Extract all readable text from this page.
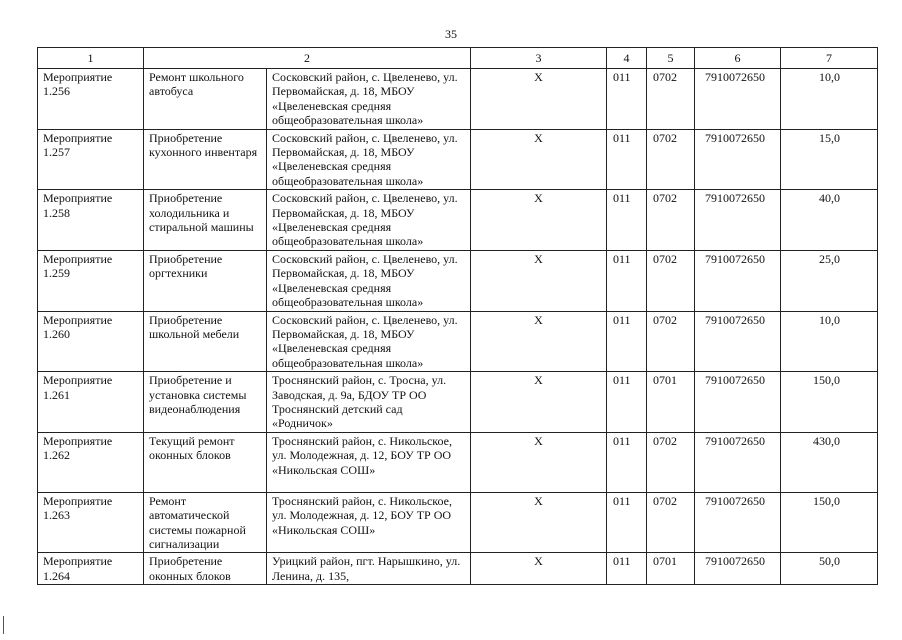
35
1	2		3	4	5	6	7
Мероприятие 1.256	Ремонт школьного автобуса	Сосковский район, с. Цвеленево, ул. Первомайская, д. 18, МБОУ «Цвеленевская средняя общеобразовательная школа»	Х	011	0702	7910072650	10,0
Мероприятие 1.257	Приобретение кухонного инвентаря	Сосковский район, с. Цвеленево, ул. Первомайская, д. 18, МБОУ «Цвеленевская средняя общеобразовательная школа»	Х	011	0702	7910072650	15,0
Мероприятие 1.258	Приобретение холодильника и стиральной машины	Сосковский район, с. Цвеленево, ул. Первомайская, д. 18, МБОУ «Цвеленевская средняя общеобразовательная школа»	Х	011	0702	7910072650	40,0
Мероприятие 1.259	Приобретение оргтехники	Сосковский район, с. Цвеленево, ул. Первомайская, д. 18, МБОУ «Цвеленевская средняя общеобразовательная школа»	Х	011	0702	7910072650	25,0
Мероприятие 1.260	Приобретение школьной мебели	Сосковский район, с. Цвеленево, ул. Первомайская, д. 18, МБОУ «Цвеленевская средняя общеобразовательная школа»	Х	011	0702	7910072650	10,0
Мероприятие 1.261	Приобретение и установка системы видеонаблюдения	Троснянский район, с. Тросна, ул. Заводская, д. 9а, БДОУ ТР ОО Троснянский детский сад «Родничок»	Х	011	0701	7910072650	150,0
Мероприятие 1.262	Текущий ремонт оконных блоков	Троснянский район, с. Никольское, ул. Молодежная, д. 12, БОУ ТР ОО «Никольская СОШ»	Х	011	0702	7910072650	430,0
Мероприятие 1.263	Ремонт автоматической системы пожарной сигнализации	Троснянский район, с. Никольское, ул. Молодежная, д. 12, БОУ ТР ОО «Никольская СОШ»	Х	011	0702	7910072650	150,0
Мероприятие 1.264	Приобретение оконных блоков	Урицкий район, пгт. Нарышкино, ул. Ленина, д. 135,	Х	011	0701	7910072650	50,0
